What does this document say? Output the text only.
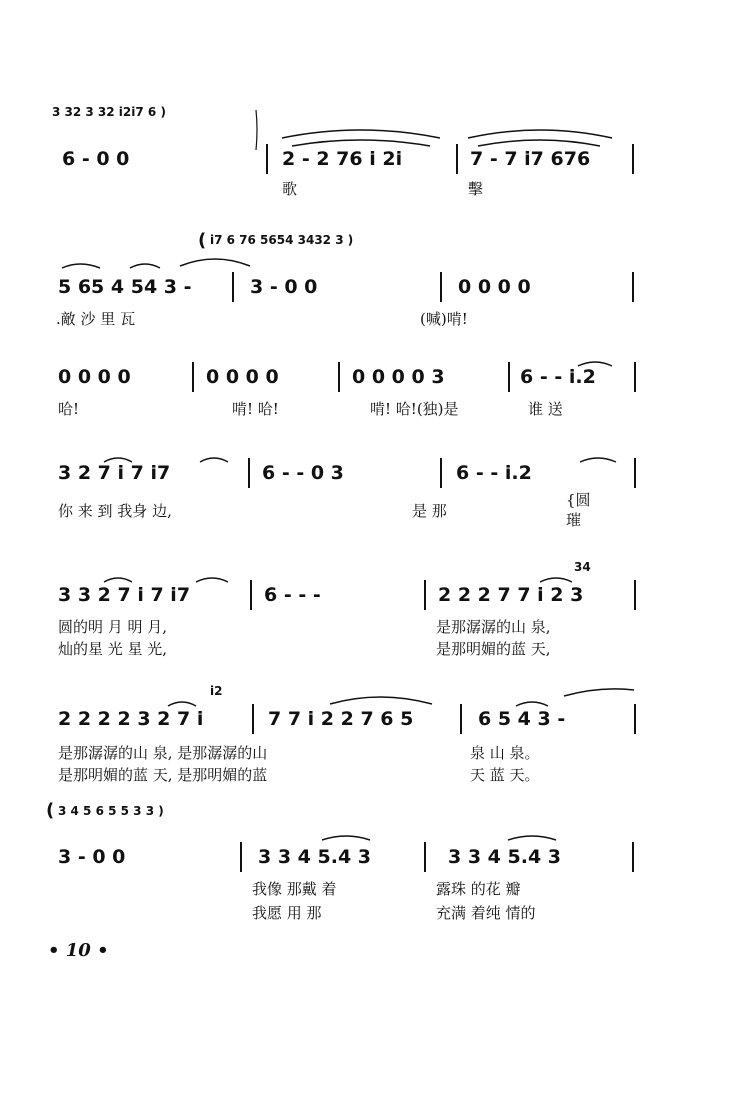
3 32 3 32 i2i7 6 )
6 - 0 0	2 - 2 76 i 2i	7 - 7 i7 676
歌	擊
( i7 6 76 5654 3432 3 )
5 65 4 54 3 -	3 - 0 0	0 0 0 0
.敵 沙 里 瓦	(喊)啃!
0 0 0 0	0 0 0 0	0 0 0 0 3	6 - - i.2
哈!	啃! 哈!	啃! 哈!(独)是	谁 送
3 2 7 i 7 i7	6 - - 0 3	6 - - i.2
你 来 到 我身 边,	是 那
{圆 璀
34
3 3 2 7 i 7 i7	6 - - -	2 2 2 7 7 i 2 3
圆的明 月 明 月,	是那潺潺的山 泉,
灿的星 光 星 光,	是那明媚的蓝 天,
i2
2 2 2 2 3 2 7 i	7 7 i 2 2 7 6 5	6 5 4 3 -
是那潺潺的山 泉, 是那潺潺的山	泉 山 泉。
是那明媚的蓝 天, 是那明媚的蓝	天 蓝 天。
( 3 4 5 6 5 5 3 3 )
3 - 0 0	3 3 4 5.4 3	3 3 4 5.4 3
我像 那戴 着	露珠 的花 瓣
我愿 用 那	充满 着纯 情的
• 10 •
